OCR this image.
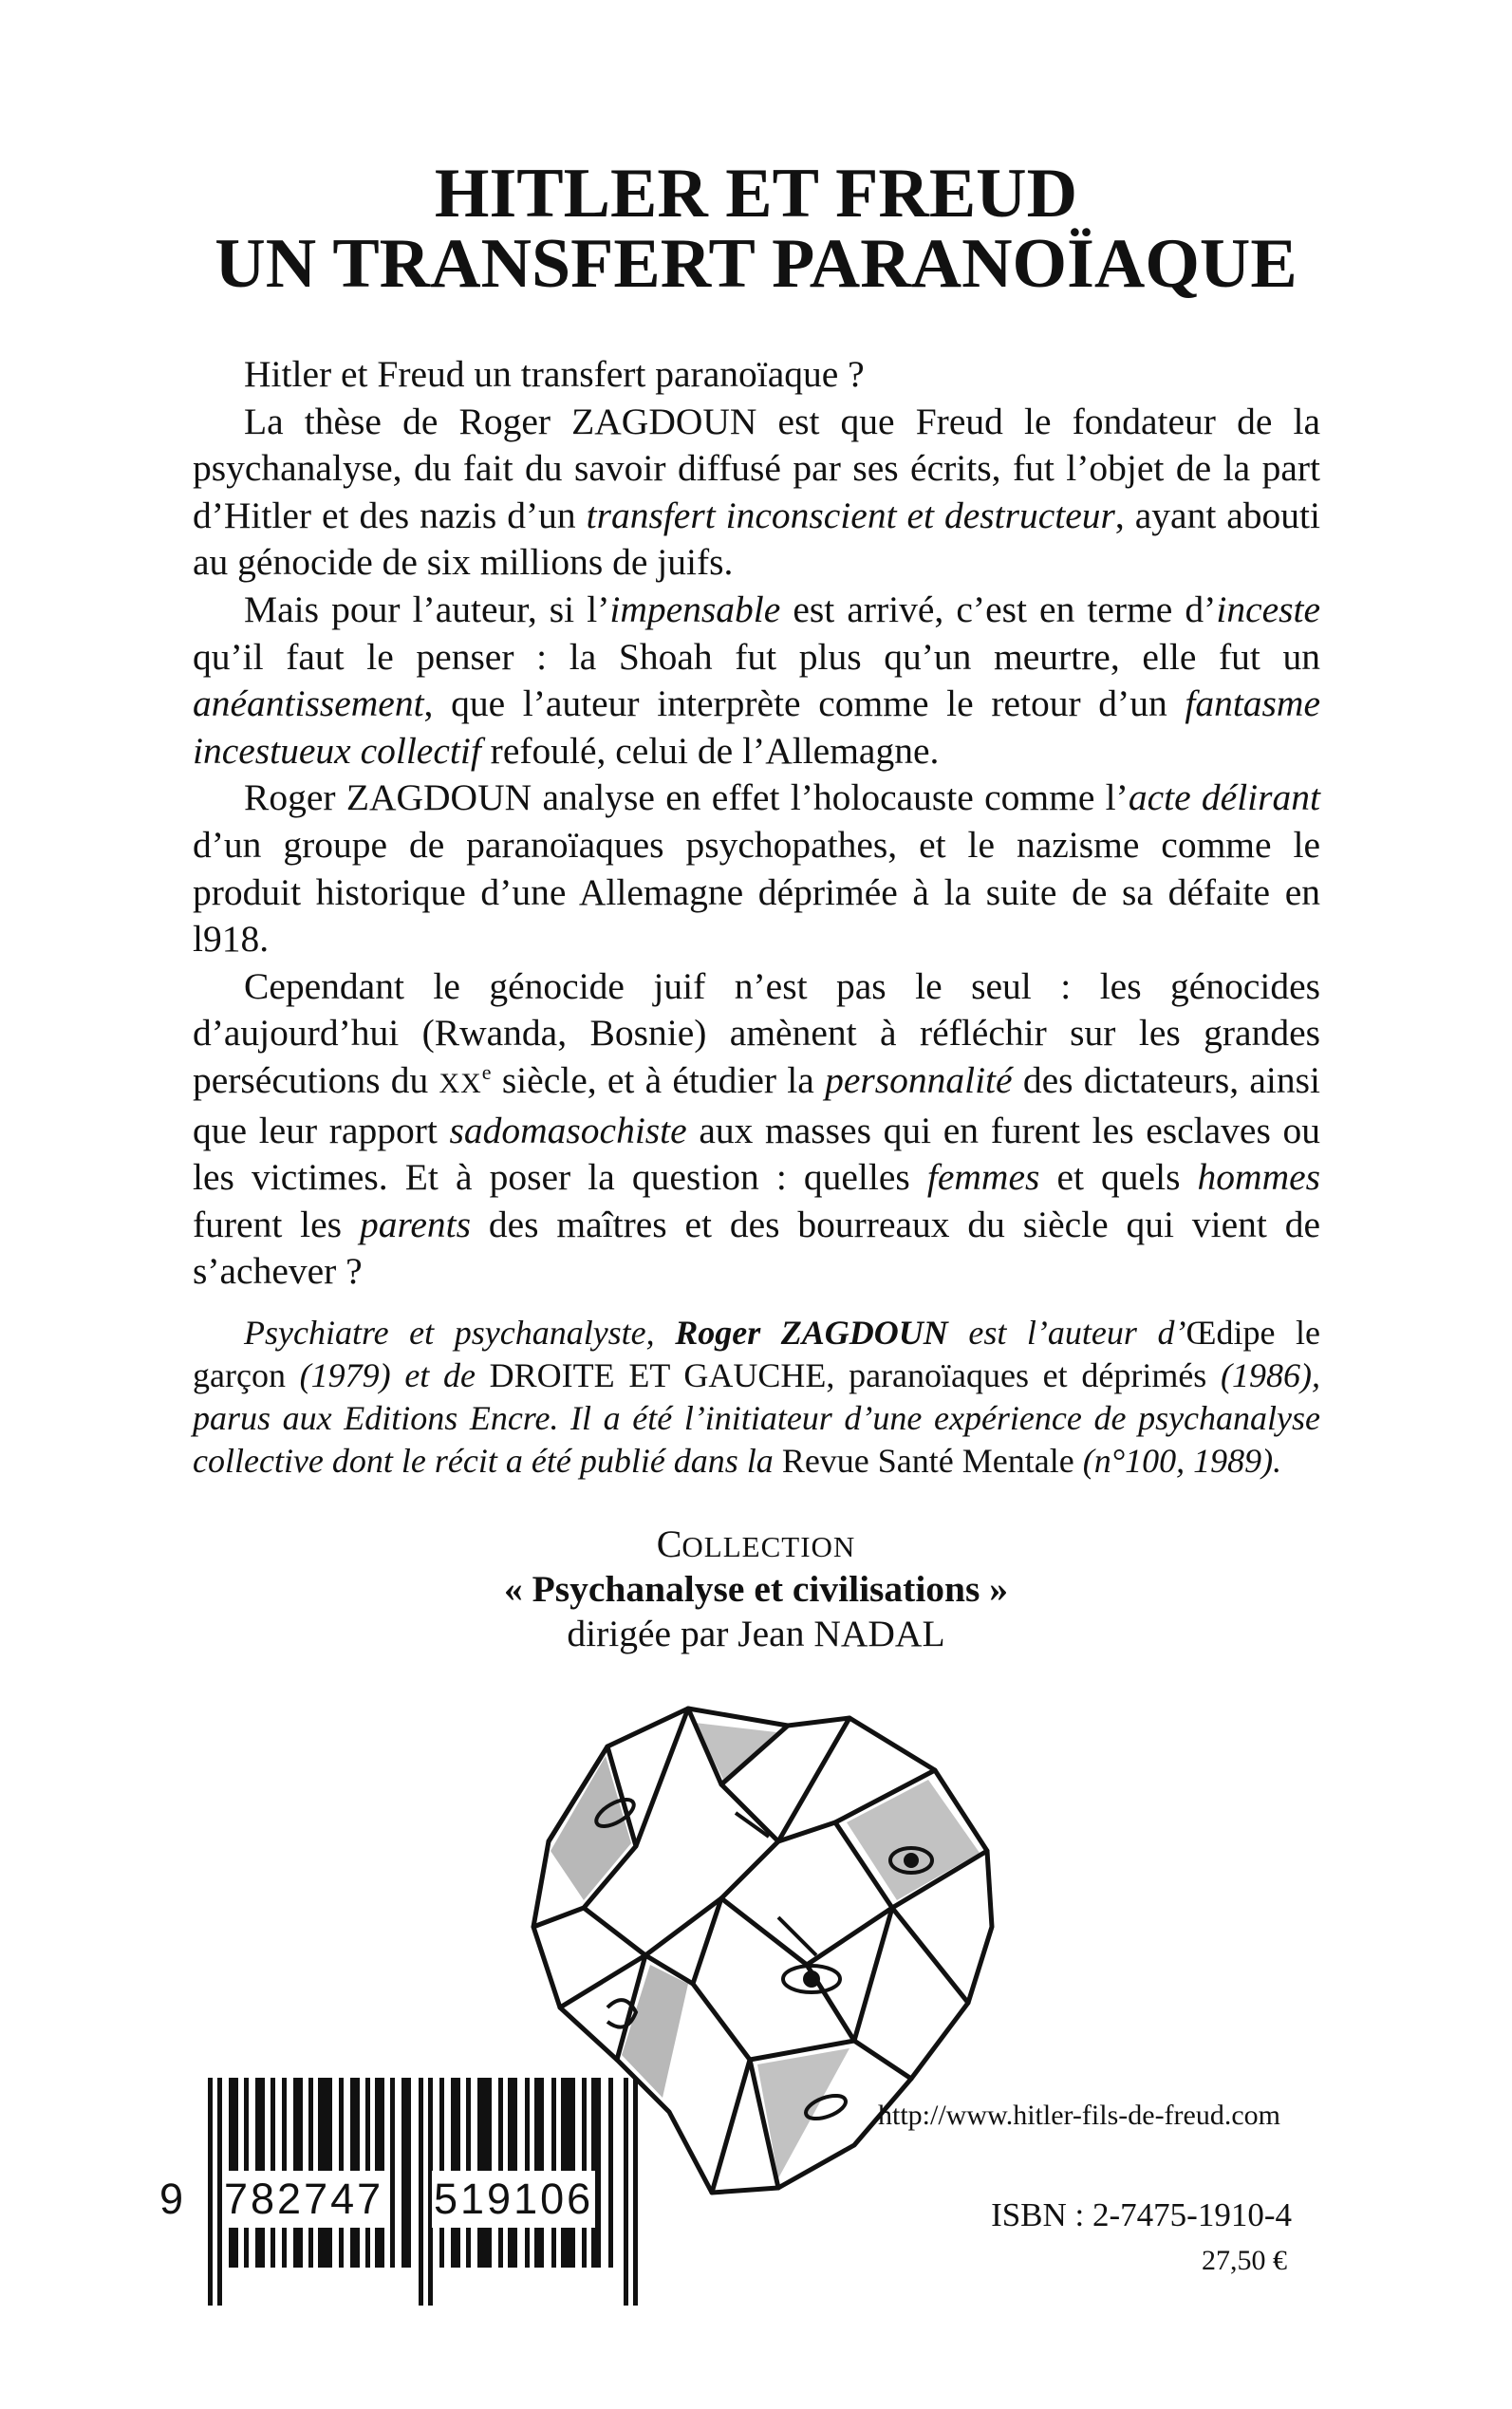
HITLER ET FREUD
UN TRANSFERT PARANOÏAQUE

Hitler et Freud un transfert paranoïaque ?

La thèse de Roger ZAGDOUN est que Freud le fondateur de la psychanalyse, du fait du savoir diffusé par ses écrits, fut l’objet de la part d’Hitler et des nazis d’un transfert inconscient et destructeur, ayant abouti au génocide de six millions de juifs.

Mais pour l’auteur, si l’impensable est arrivé, c’est en terme d’inceste qu’il faut le penser : la Shoah fut plus qu’un meurtre, elle fut un anéantissement, que l’auteur interprète comme le retour d’un fantasme incestueux collectif refoulé, celui de l’Allemagne.

Roger ZAGDOUN analyse en effet l’holocauste comme l’acte délirant d’un groupe de paranoïaques psychopathes, et le nazisme comme le produit historique d’une Allemagne déprimée à la suite de sa défaite en l918.

Cependant le génocide juif n’est pas le seul : les génocides d’aujourd’hui (Rwanda, Bosnie) amènent à réfléchir sur les grandes persécutions du XXe siècle, et à étudier la personnalité des dictateurs, ainsi que leur rapport sadomasochiste aux masses qui en furent les esclaves ou les victimes. Et à poser la question : quelles femmes et quels hommes furent les parents des maîtres et des bourreaux du siècle qui vient de s’achever ?

Psychiatre et psychanalyste, Roger ZAGDOUN est l’auteur d’Œdipe le garçon (1979) et de DROITE ET GAUCHE, paranoïaques et déprimés (1986), parus aux Editions Encre. Il a été l’initiateur d’une expérience de psychanalyse collective dont le récit a été publié dans la Revue Santé Mentale (n°100, 1989).

COLLECTION
« Psychanalyse et civilisations »
dirigée par Jean NADAL
9 782747 519106
http://www.hitler-fils-de-freud.com
ISBN : 2-7475-1910-4
27,50 €
